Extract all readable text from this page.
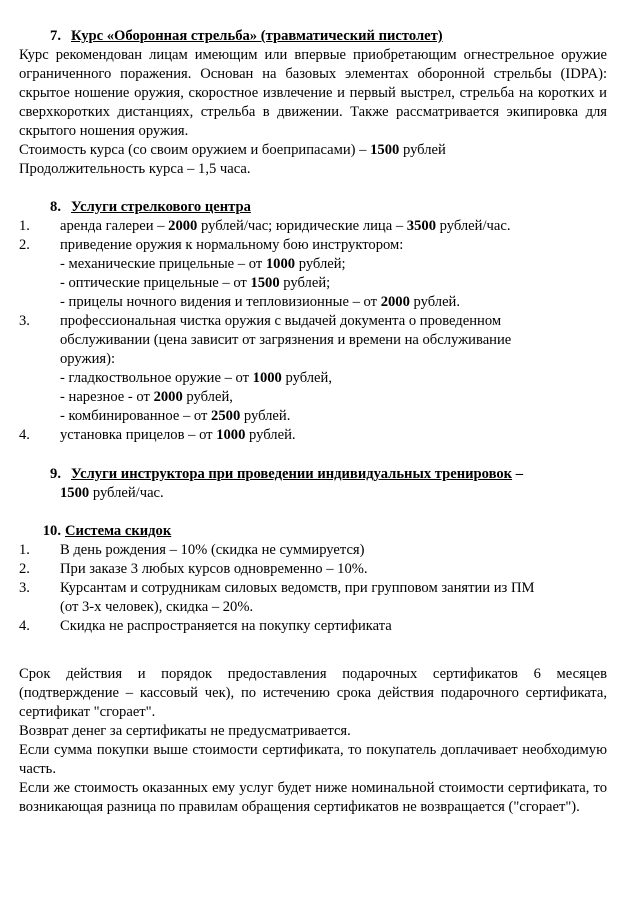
7. Курс «Оборонная стрельба» (травматический пистолет)
Курс рекомендован лицам имеющим или впервые приобретающим огнестрельное оружие ограниченного поражения. Основан на базовых элементах оборонной стрельбы (IDPA): скрытое ношение оружия, скоростное извлечение и первый выстрел, стрельба на коротких и сверхкоротких дистанциях, стрельба в движении. Также рассматривается экипировка для скрытого ношения оружия.
Стоимость курса (со своим оружием и боеприпасами) – 1500 рублей
Продолжительность курса – 1,5 часа.
8. Услуги стрелкового центра
1.	аренда галереи – 2000 рублей/час; юридические лица – 3500 рублей/час.
2.	приведение оружия к нормальному бою инструктором:
- механические прицельные – от 1000 рублей;
- оптические прицельные – от 1500 рублей;
- прицелы ночного видения и тепловизионные – от 2000 рублей.
3.	профессиональная чистка оружия с выдачей документа о проведенном
обслуживании (цена зависит от загрязнения и времени на обслуживание
оружия):
- гладкоствольное оружие – от 1000 рублей,
- нарезное - от 2000 рублей,
- комбинированное – от 2500 рублей.
4.	установка прицелов – от 1000 рублей.
9. Услуги инструктора при проведении индивидуальных тренировок –
1500 рублей/час.
10. Система скидок
1.	В день рождения – 10% (скидка не суммируется)
2.	При заказе 3 любых курсов одновременно – 10%.
3.	Курсантам и сотрудникам силовых ведомств, при групповом занятии из ПМ
(от 3-х человек), скидка – 20%.
4.	Скидка не распространяется на покупку сертификата
Срок действия и порядок предоставления подарочных сертификатов 6 месяцев (подтверждение – кассовый чек), по истечению срока действия подарочного сертификата, сертификат "сгорает".
Возврат денег за сертификаты не предусматривается.
Если сумма покупки выше стоимости сертификата, то покупатель доплачивает необходимую часть.
Если же стоимость оказанных ему услуг будет ниже номинальной стоимости сертификата, то возникающая разница по правилам обращения сертификатов не возвращается ("сгорает").
